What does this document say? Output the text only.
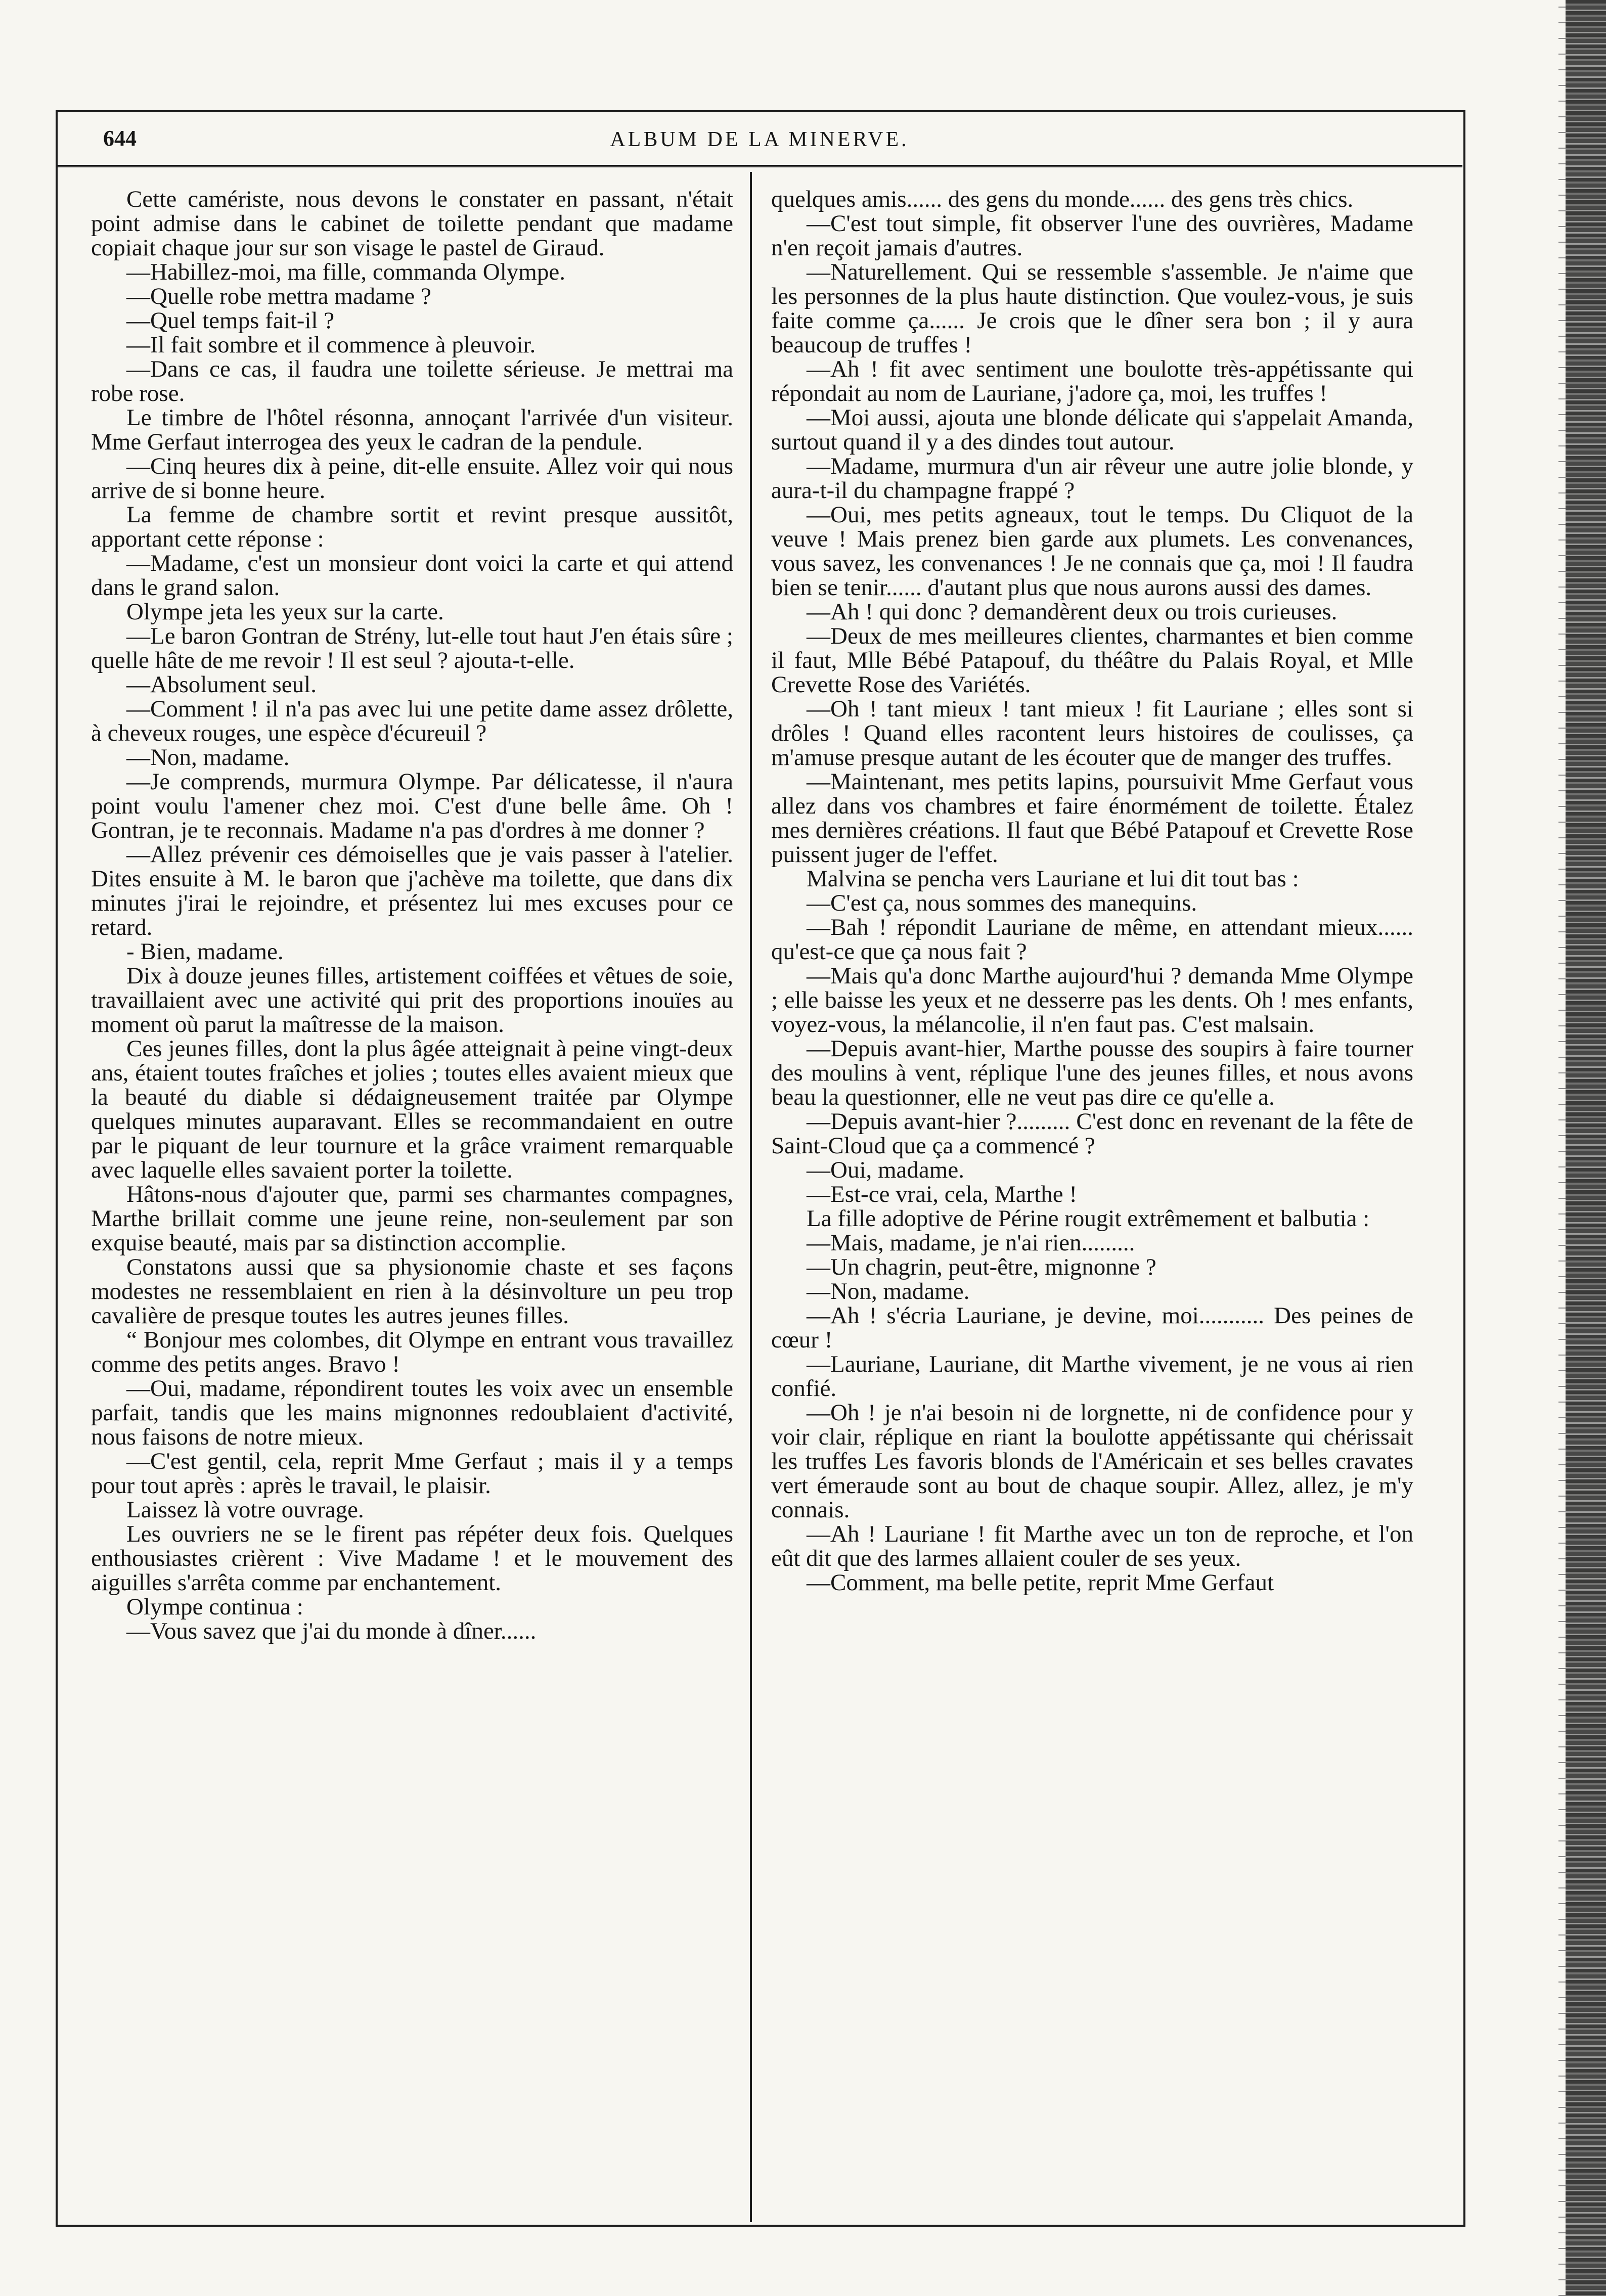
644	ALBUM DE LA MINERVE.

Cette camériste, nous devons le constater en passant, n'était point admise dans le cabinet de toilette pendant que madame copiait chaque jour sur son visage le pastel de Giraud.

—Habillez-moi, ma fille, commanda Olympe.

—Quelle robe mettra madame ?

—Quel temps fait-il ?

—Il fait sombre et il commence à pleuvoir.

—Dans ce cas, il faudra une toilette sérieuse. Je mettrai ma robe rose.

Le timbre de l'hôtel résonna, annoçant l'arrivée d'un visiteur. Mme Gerfaut interrogea des yeux le cadran de la pendule.

—Cinq heures dix à peine, dit-elle ensuite. Allez voir qui nous arrive de si bonne heure.

La femme de chambre sortit et revint presque aussitôt, apportant cette réponse :

—Madame, c'est un monsieur dont voici la carte et qui attend dans le grand salon.

Olympe jeta les yeux sur la carte.

—Le baron Gontran de Strény, lut-elle tout haut J'en étais sûre ; quelle hâte de me revoir ! Il est seul ? ajouta-t-elle.

—Absolument seul.

—Comment ! il n'a pas avec lui une petite dame assez drôlette, à cheveux rouges, une espèce d'écureuil ?

—Non, madame.

—Je comprends, murmura Olympe. Par délicatesse, il n'aura point voulu l'amener chez moi. C'est d'une belle âme. Oh ! Gontran, je te reconnais. Madame n'a pas d'ordres à me donner ?

—Allez prévenir ces démoiselles que je vais passer à l'atelier. Dites ensuite à M. le baron que j'achève ma toilette, que dans dix minutes j'irai le rejoindre, et présentez lui mes excuses pour ce retard.

- Bien, madame.

Dix à douze jeunes filles, artistement coiffées et vêtues de soie, travaillaient avec une activité qui prit des proportions inouïes au moment où parut la maîtresse de la maison.

Ces jeunes filles, dont la plus âgée atteignait à peine vingt-deux ans, étaient toutes fraîches et jolies ; toutes elles avaient mieux que la beauté du diable si dédaigneusement traitée par Olympe quelques minutes auparavant. Elles se recommandaient en outre par le piquant de leur tournure et la grâce vraiment remarquable avec laquelle elles savaient porter la toilette.

Hâtons-nous d'ajouter que, parmi ses charmantes compagnes, Marthe brillait comme une jeune reine, non-seulement par son exquise beauté, mais par sa distinction accomplie.

Constatons aussi que sa physionomie chaste et ses façons modestes ne ressemblaient en rien à la désinvolture un peu trop cavalière de presque toutes les autres jeunes filles.

“ Bonjour mes colombes, dit Olympe en entrant vous travaillez comme des petits anges. Bravo !

—Oui, madame, répondirent toutes les voix avec un ensemble parfait, tandis que les mains mignonnes redoublaient d'activité, nous faisons de notre mieux.

—C'est gentil, cela, reprit Mme Gerfaut ; mais il y a temps pour tout après : après le travail, le plaisir.

Laissez là votre ouvrage.

Les ouvriers ne se le firent pas répéter deux fois. Quelques enthousiastes crièrent : Vive Madame ! et le mouvement des aiguilles s'arrêta comme par enchantement.

Olympe continua :

—Vous savez que j'ai du monde à dîner......

quelques amis...... des gens du monde...... des gens très chics.

—C'est tout simple, fit observer l'une des ouvrières, Madame n'en reçoit jamais d'autres.

—Naturellement. Qui se ressemble s'assemble. Je n'aime que les personnes de la plus haute distinction. Que voulez-vous, je suis faite comme ça...... Je crois que le dîner sera bon ; il y aura beaucoup de truffes !

—Ah ! fit avec sentiment une boulotte très-appétissante qui répondait au nom de Lauriane, j'adore ça, moi, les truffes !

—Moi aussi, ajouta une blonde délicate qui s'appelait Amanda, surtout quand il y a des dindes tout autour.

—Madame, murmura d'un air rêveur une autre jolie blonde, y aura-t-il du champagne frappé ?

—Oui, mes petits agneaux, tout le temps. Du Cliquot de la veuve ! Mais prenez bien garde aux plumets. Les convenances, vous savez, les convenances ! Je ne connais que ça, moi ! Il faudra bien se tenir...... d'autant plus que nous aurons aussi des dames.

—Ah ! qui donc ? demandèrent deux ou trois curieuses.

—Deux de mes meilleures clientes, charmantes et bien comme il faut, Mlle Bébé Patapouf, du théâtre du Palais Royal, et Mlle Crevette Rose des Variétés.

—Oh ! tant mieux ! tant mieux ! fit Lauriane ; elles sont si drôles ! Quand elles racontent leurs histoires de coulisses, ça m'amuse presque autant de les écouter que de manger des truffes.

—Maintenant, mes petits lapins, poursuivit Mme Gerfaut vous allez dans vos chambres et faire énormément de toilette. Étalez mes dernières créations. Il faut que Bébé Patapouf et Crevette Rose puissent juger de l'effet.

Malvina se pencha vers Lauriane et lui dit tout bas :

—C'est ça, nous sommes des manequins.

—Bah ! répondit Lauriane de même, en attendant mieux...... qu'est-ce que ça nous fait ?

—Mais qu'a donc Marthe aujourd'hui ? demanda Mme Olympe ; elle baisse les yeux et ne desserre pas les dents. Oh ! mes enfants, voyez-vous, la mélancolie, il n'en faut pas. C'est malsain.

—Depuis avant-hier, Marthe pousse des soupirs à faire tourner des moulins à vent, réplique l'une des jeunes filles, et nous avons beau la questionner, elle ne veut pas dire ce qu'elle a.

—Depuis avant-hier ?......... C'est donc en revenant de la fête de Saint-Cloud que ça a commencé ?

—Oui, madame.

—Est-ce vrai, cela, Marthe !

La fille adoptive de Périne rougit extrêmement et balbutia :

—Mais, madame, je n'ai rien.........

—Un chagrin, peut-être, mignonne ?

—Non, madame.

—Ah ! s'écria Lauriane, je devine, moi........... Des peines de cœur !

—Lauriane, Lauriane, dit Marthe vivement, je ne vous ai rien confié.

—Oh ! je n'ai besoin ni de lorgnette, ni de confidence pour y voir clair, réplique en riant la boulotte appétissante qui chérissait les truffes Les favoris blonds de l'Américain et ses belles cravates vert émeraude sont au bout de chaque soupir. Allez, allez, je m'y connais.

—Ah ! Lauriane ! fit Marthe avec un ton de reproche, et l'on eût dit que des larmes allaient couler de ses yeux.

—Comment, ma belle petite, reprit Mme Gerfaut
